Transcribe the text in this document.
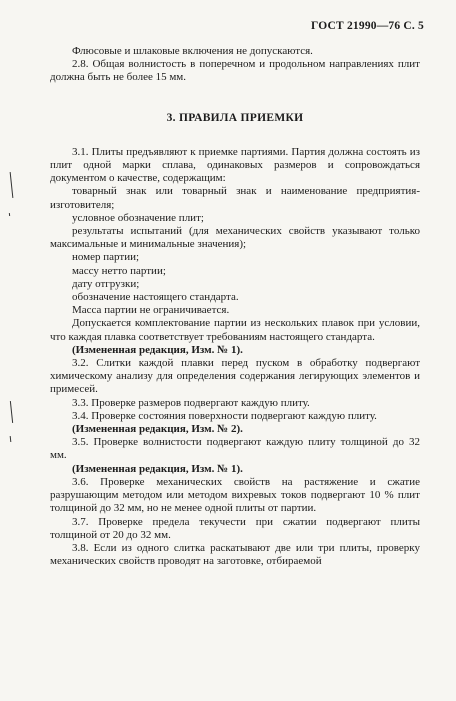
ГОСТ 21990—76 С. 5

Флюсовые и шлаковые включения не допускаются.

2.8. Общая волнистость в поперечном и продольном направлениях плит должна быть не более 15 мм.

3. ПРАВИЛА ПРИЕМКИ

3.1. Плиты предъявляют к приемке партиями. Партия должна состоять из плит одной марки сплава, одинаковых размеров и сопровождаться документом о качестве, содержащим:

товарный знак или товарный знак и наименование предприятия-изготовителя;

условное обозначение плит;

результаты испытаний (для механических свойств указывают только максимальные и минимальные значения);

номер партии;

массу нетто партии;

дату отгрузки;

обозначение настоящего стандарта.

Масса партии не ограничивается.

Допускается комплектование партии из нескольких плавок при условии, что каждая плавка соответствует требованиям настоящего стандарта.

(Измененная редакция, Изм. № 1).

3.2. Слитки каждой плавки перед пуском в обработку подвергают химическому анализу для определения содержания легирующих элементов и примесей.

3.3. Проверке размеров подвергают каждую плиту.

3.4. Проверке состояния поверхности подвергают каждую плиту.

(Измененная редакция, Изм. № 2).

3.5. Проверке волнистости подвергают каждую плиту толщиной до 32 мм.

(Измененная редакция, Изм. № 1).

3.6. Проверке механических свойств на растяжение и сжатие разрушающим методом или методом вихревых токов подвергают 10 % плит толщиной до 32 мм, но не менее одной плиты от партии.

3.7. Проверке предела текучести при сжатии подвергают плиты толщиной от 20 до 32 мм.

3.8. Если из одного слитка раскатывают две или три плиты, проверку механических свойств проводят на заготовке, отбираемой
